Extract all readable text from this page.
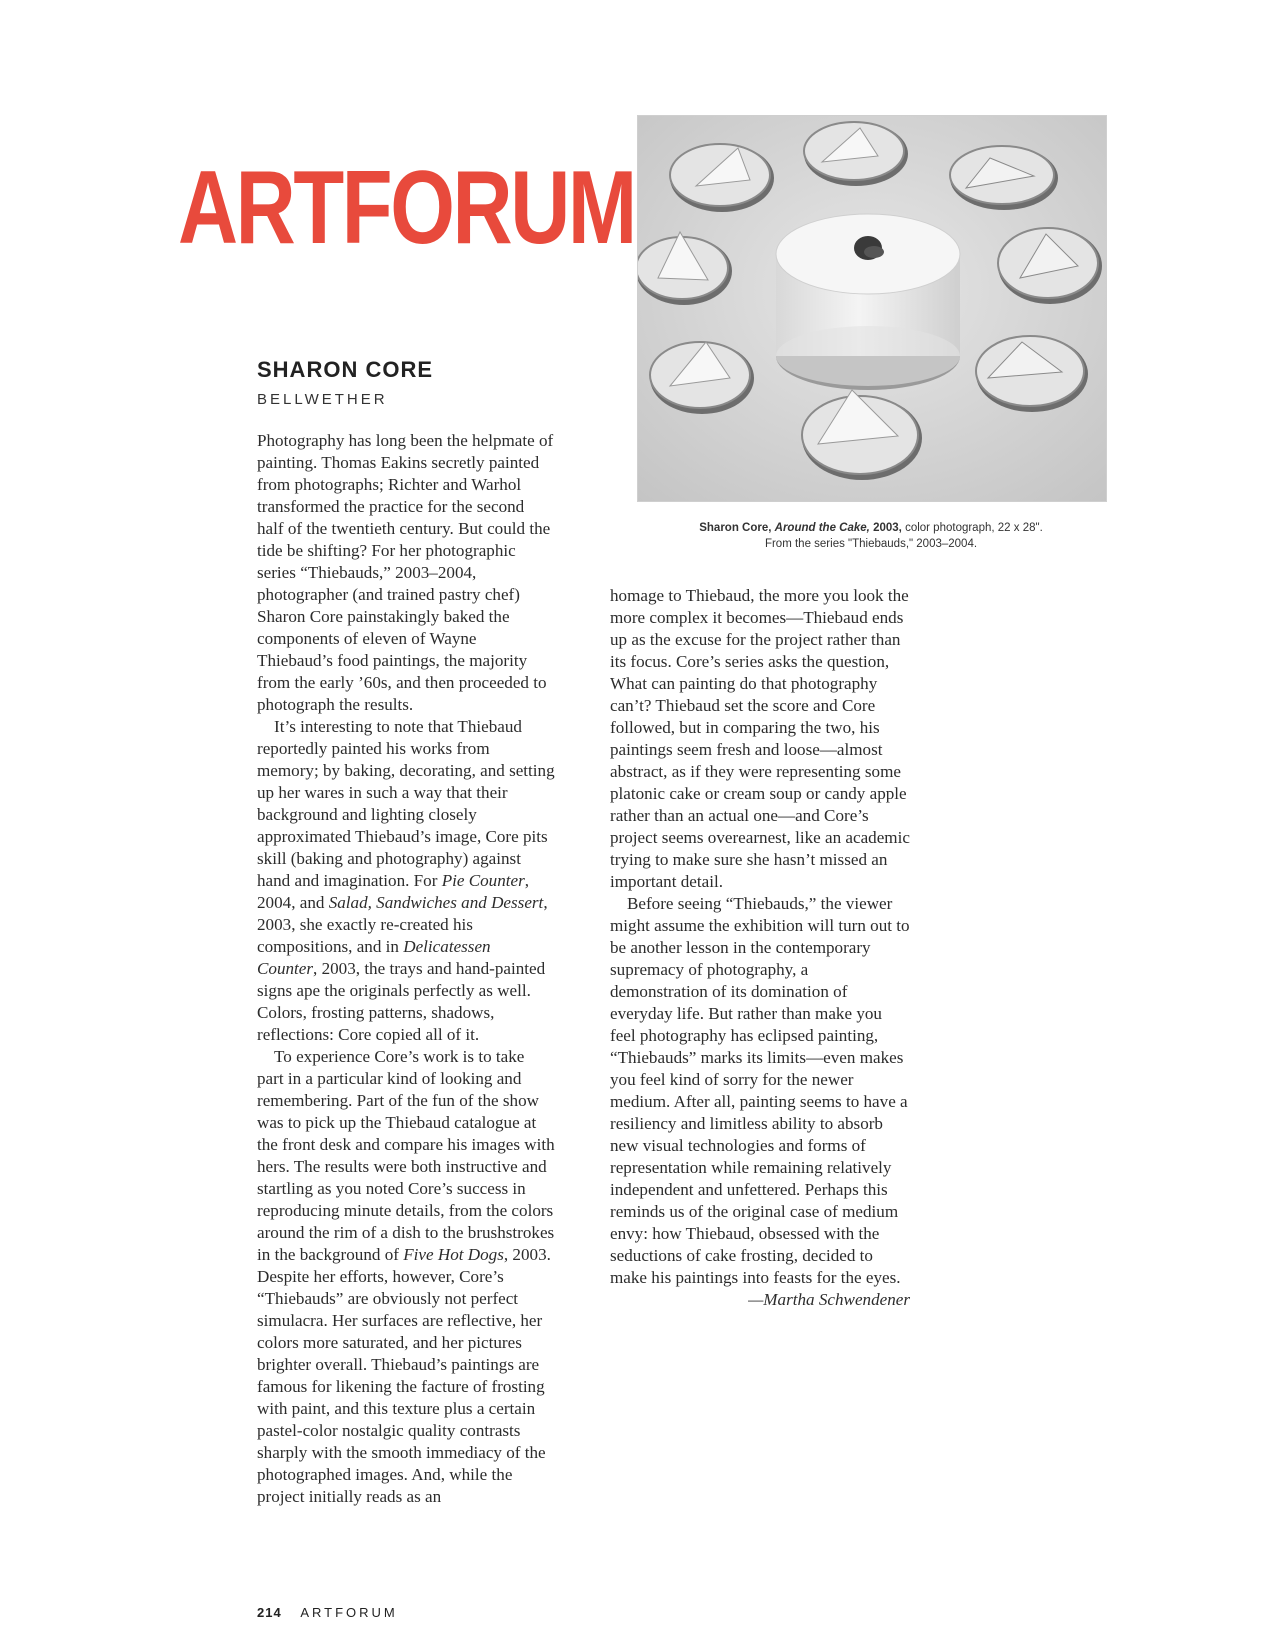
ARTFORUM
Sharon Core, Around the Cake, 2003, color photograph, 22 x 28".
From the series "Thiebauds," 2003–2004.
SHARON CORE
BELLWETHER

Photography has long been the helpmate of painting. Thomas Eakins secretly painted from photographs; Richter and Warhol transformed the practice for the second half of the twentieth century. But could the tide be shifting? For her photographic series “Thiebauds,” 2003–2004, photographer (and trained pastry chef) Sharon Core painstakingly baked the components of eleven of Wayne Thiebaud’s food paintings, the majority from the early ’60s, and then proceeded to photograph the results.

It’s interesting to note that Thiebaud reportedly painted his works from memory; by baking, decorating, and setting up her wares in such a way that their background and lighting closely approximated Thiebaud’s image, Core pits skill (baking and photography) against hand and imagination. For Pie Counter, 2004, and Salad, Sandwiches and Dessert, 2003, she exactly re-created his compositions, and in Delicatessen Counter, 2003, the trays and hand-painted signs ape the originals perfectly as well. Colors, frosting patterns, shadows, reflections: Core copied all of it.

To experience Core’s work is to take part in a particular kind of looking and remembering. Part of the fun of the show was to pick up the Thiebaud catalogue at the front desk and compare his images with hers. The results were both instructive and startling as you noted Core’s success in reproducing minute details, from the colors around the rim of a dish to the brushstrokes in the background of Five Hot Dogs, 2003. Despite her efforts, however, Core’s “Thiebauds” are obviously not perfect simulacra. Her surfaces are reflective, her colors more saturated, and her pictures brighter overall. Thiebaud’s paintings are famous for likening the facture of frosting with paint, and this texture plus a certain pastel-color nostalgic quality contrasts sharply with the smooth immediacy of the photographed images. And, while the project initially reads as an

homage to Thiebaud, the more you look the more complex it becomes—Thiebaud ends up as the excuse for the project rather than its focus. Core’s series asks the question, What can painting do that photography can’t? Thiebaud set the score and Core followed, but in comparing the two, his paintings seem fresh and loose—almost abstract, as if they were representing some platonic cake or cream soup or candy apple rather than an actual one—and Core’s project seems overearnest, like an academic trying to make sure she hasn’t missed an important detail.

Before seeing “Thiebauds,” the viewer might assume the exhibition will turn out to be another lesson in the contemporary supremacy of photography, a demonstration of its domination of everyday life. But rather than make you feel photography has eclipsed painting, “Thiebauds” marks its limits—even makes you feel kind of sorry for the newer medium. After all, painting seems to have a resiliency and limitless ability to absorb new visual technologies and forms of representation while remaining relatively independent and unfettered. Perhaps this reminds us of the original case of medium envy: how Thiebaud, obsessed with the seductions of cake frosting, decided to make his paintings into feasts for the eyes.

—Martha Schwendener
214 ARTFORUM
